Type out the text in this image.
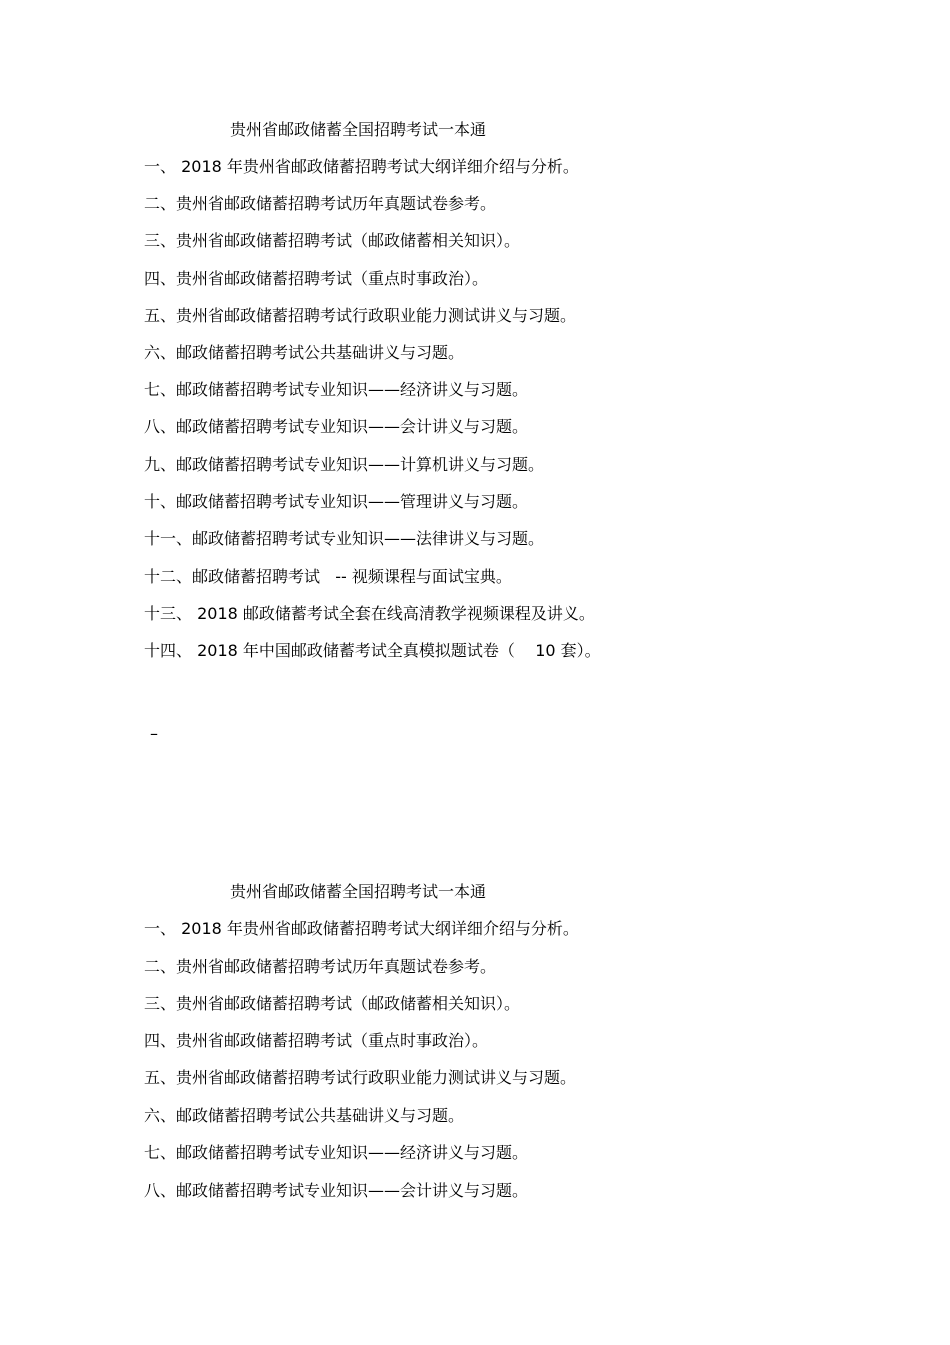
贵州省邮政储蓄全国招聘考试一本通
一、 2018 年贵州省邮政储蓄招聘考试大纲详细介绍与分析。
二、贵州省邮政储蓄招聘考试历年真题试卷参考。
三、贵州省邮政储蓄招聘考试（邮政储蓄相关知识）。
四、贵州省邮政储蓄招聘考试（重点时事政治）。
五、贵州省邮政储蓄招聘考试行政职业能力测试讲义与习题。
六、邮政储蓄招聘考试公共基础讲义与习题。
七、邮政储蓄招聘考试专业知识——经济讲义与习题。
八、邮政储蓄招聘考试专业知识——会计讲义与习题。
九、邮政储蓄招聘考试专业知识——计算机讲义与习题。
十、邮政储蓄招聘考试专业知识——管理讲义与习题。
十一、邮政储蓄招聘考试专业知识——法律讲义与习题。
十二、邮政储蓄招聘考试   -- 视频课程与面试宝典。
十三、 2018 邮政储蓄考试全套在线高清教学视频课程及讲义。
十四、 2018 年中国邮政储蓄考试全真模拟题试卷（    10 套）。
–
贵州省邮政储蓄全国招聘考试一本通
一、 2018 年贵州省邮政储蓄招聘考试大纲详细介绍与分析。
二、贵州省邮政储蓄招聘考试历年真题试卷参考。
三、贵州省邮政储蓄招聘考试（邮政储蓄相关知识）。
四、贵州省邮政储蓄招聘考试（重点时事政治）。
五、贵州省邮政储蓄招聘考试行政职业能力测试讲义与习题。
六、邮政储蓄招聘考试公共基础讲义与习题。
七、邮政储蓄招聘考试专业知识——经济讲义与习题。
八、邮政储蓄招聘考试专业知识——会计讲义与习题。
